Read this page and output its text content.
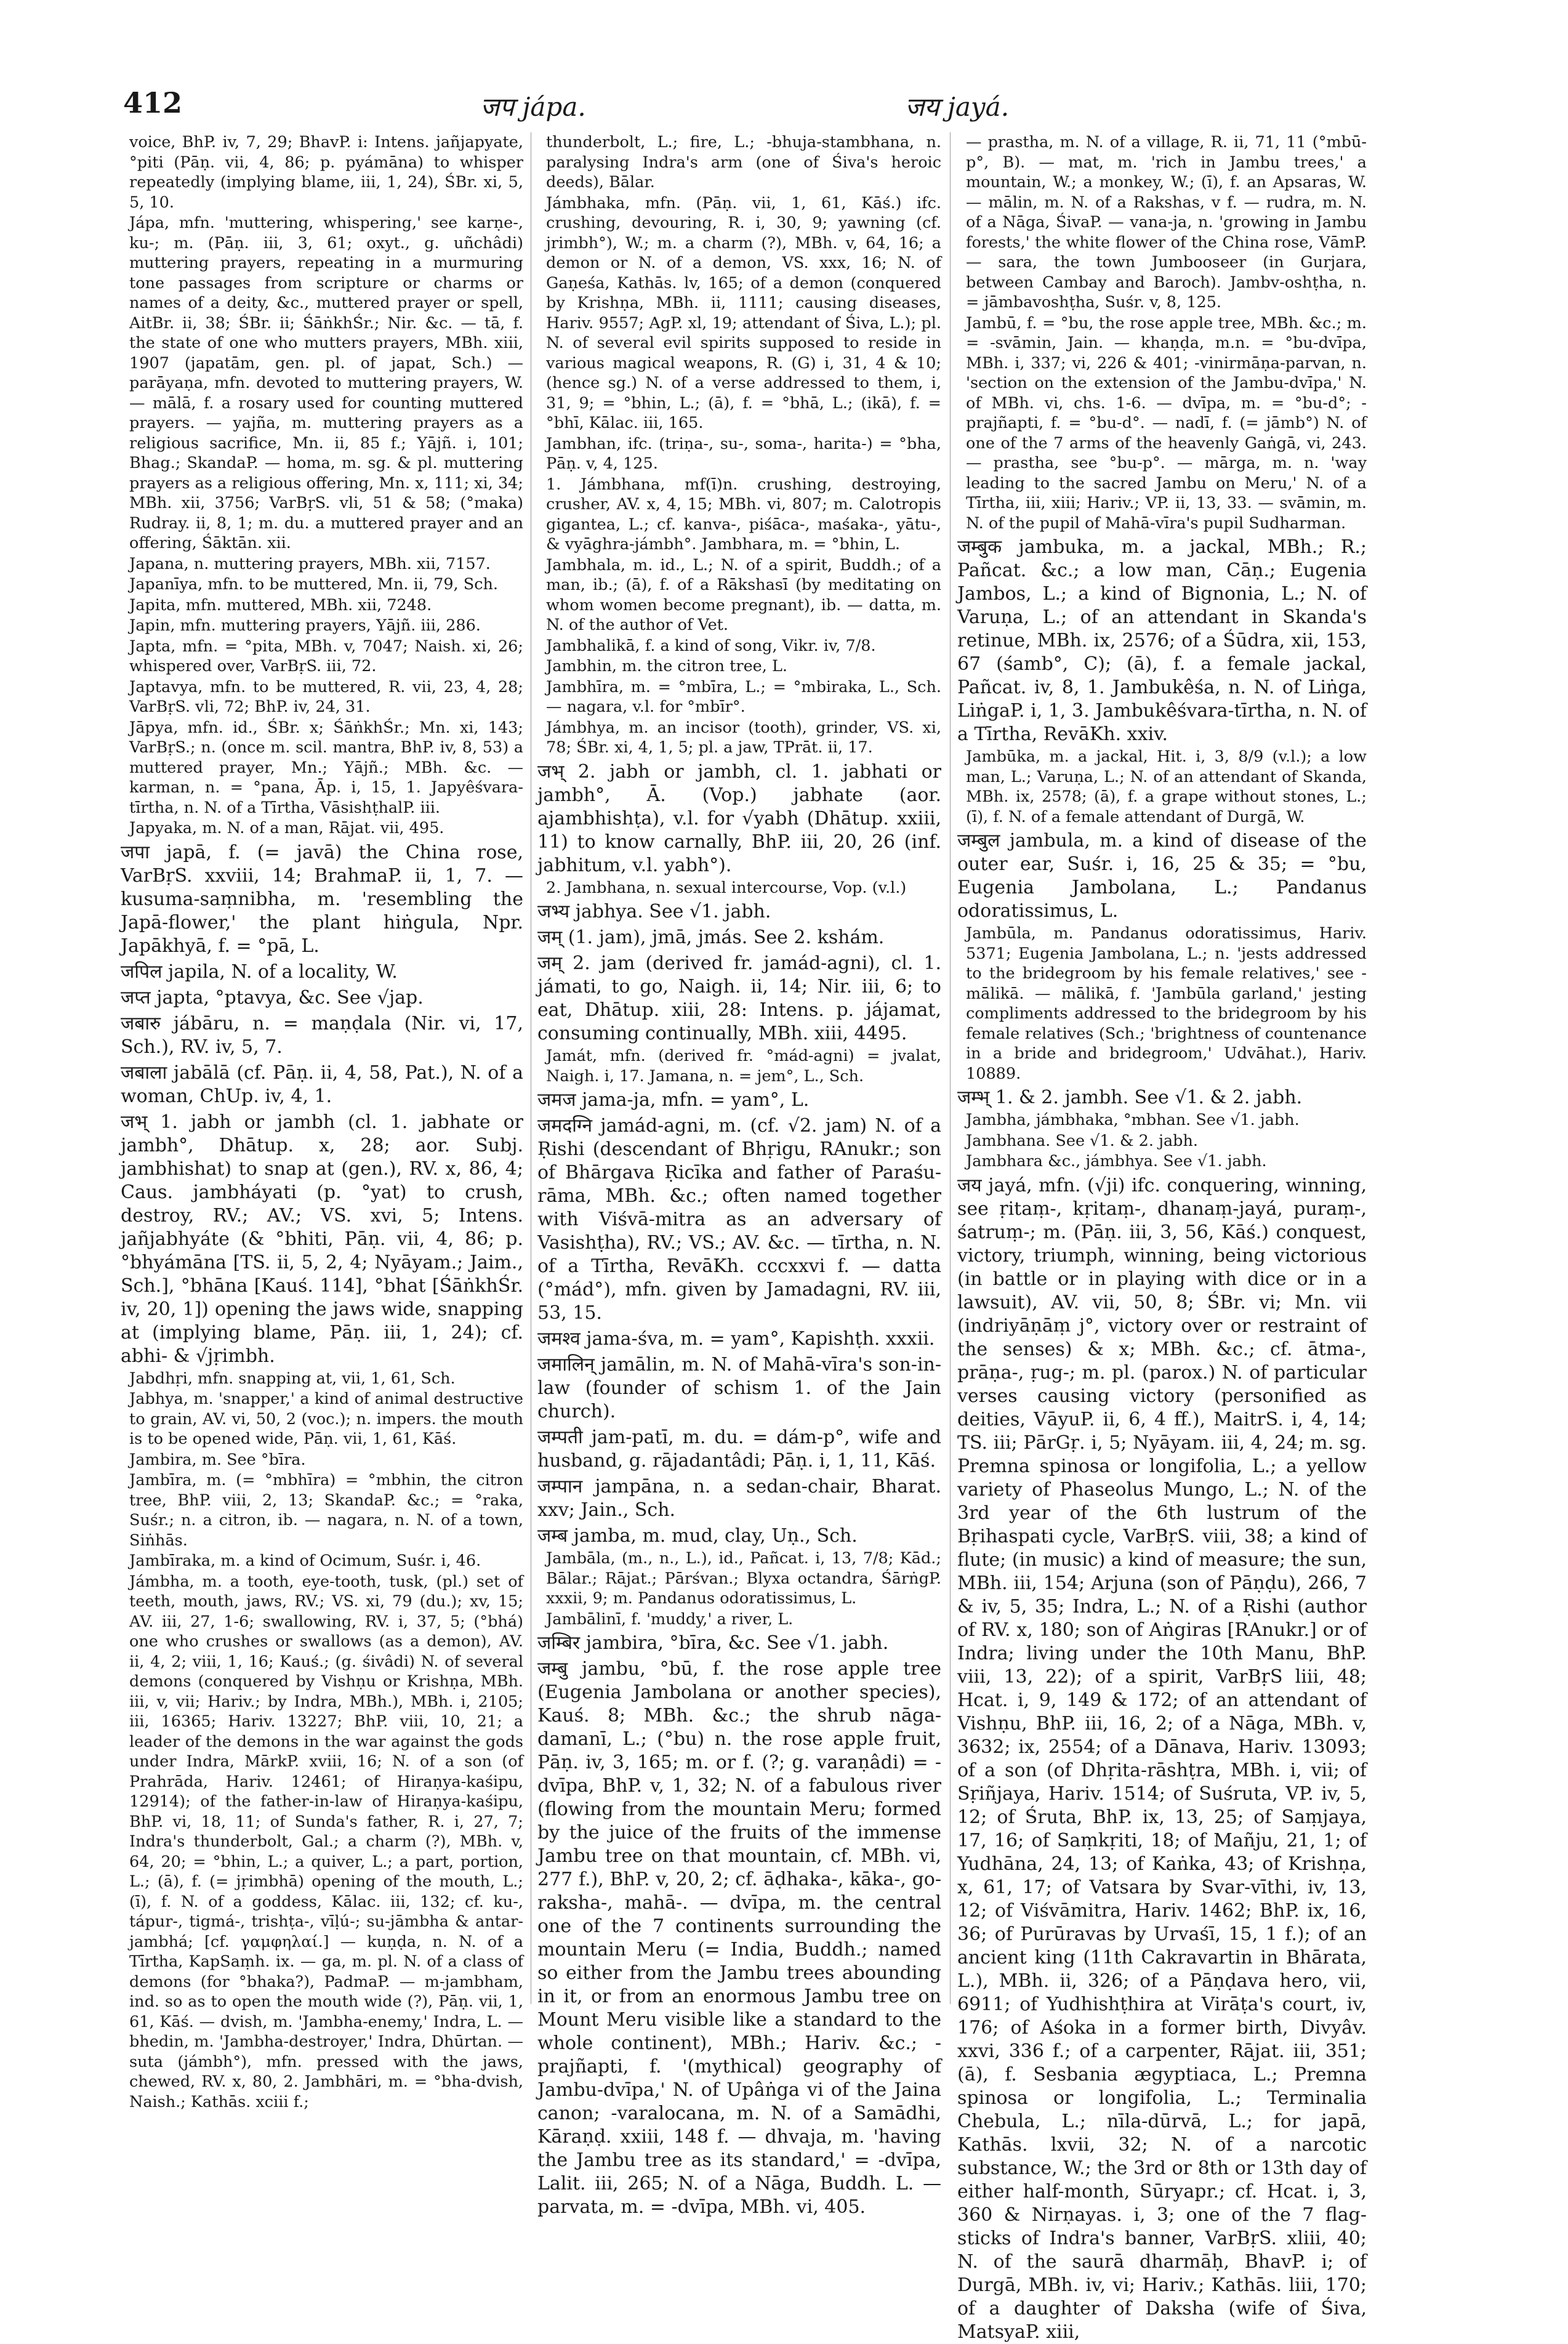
412	जप jápa.	जय jayá.

voice, BhP. iv, 7, 29; BhavP. i: Intens. jañjapyate, °piti (Pāṇ. vii, 4, 86; p. pyámāna) to whisper repeatedly (implying blame, iii, 1, 24), ŚBr. xi, 5, 5, 10.

Jápa, mfn. 'muttering, whispering,' see karṇe-, ku-; m. (Pāṇ. iii, 3, 61; oxyt., g. uñchâdi) muttering prayers, repeating in a murmuring tone passages from scripture or charms or names of a deity, &c., muttered prayer or spell, AitBr. ii, 38; ŚBr. ii; ŚāṅkhŚr.; Nir. &c. — tā, f. the state of one who mutters prayers, MBh. xiii, 1907 (japatām, gen. pl. of japat, Sch.) — parāyaṇa, mfn. devoted to muttering prayers, W. — mālā, f. a rosary used for counting muttered prayers. — yajña, m. muttering prayers as a religious sacrifice, Mn. ii, 85 f.; Yājñ. i, 101; Bhag.; SkandaP. — homa, m. sg. & pl. muttering prayers as a religious offering, Mn. x, 111; xi, 34; MBh. xii, 3756; VarBṛS. vli, 51 & 58; (°maka) Rudray. ii, 8, 1; m. du. a muttered prayer and an offering, Śāktān. xii.

Japana, n. muttering prayers, MBh. xii, 7157.

Japanīya, mfn. to be muttered, Mn. ii, 79, Sch.

Japita, mfn. muttered, MBh. xii, 7248.

Japin, mfn. muttering prayers, Yājñ. iii, 286.

Japta, mfn. = °pita, MBh. v, 7047; Naish. xi, 26; whispered over, VarBṛS. iii, 72.

Japtavya, mfn. to be muttered, R. vii, 23, 4, 28; VarBṛS. vli, 72; BhP. iv, 24, 31.

Jāpya, mfn. id., ŚBr. x; ŚāṅkhŚr.; Mn. xi, 143; VarBṛS.; n. (once m. scil. mantra, BhP. iv, 8, 53) a muttered prayer, Mn.; Yājñ.; MBh. &c. — karman, n. = °pana, Āp. i, 15, 1. Japyêśvara-tīrtha, n. N. of a Tīrtha, VāsishṭhalP. iii.

Japyaka, m. N. of a man, Rājat. vii, 495.

जपा japā, f. (= javā) the China rose, VarBṛS. xxviii, 14; BrahmaP. ii, 1, 7. — kusuma-saṃnibha, m. 'resembling the Japā-flower,' the plant hiṅgula, Npr. Japākhyā, f. = °pā, L.

जपिल japila, N. of a locality, W.

जप्त japta, °ptavya, &c. See √jap.

जबारु jábāru, n. = maṇḍala (Nir. vi, 17, Sch.), RV. iv, 5, 7.

जबाला jabālā (cf. Pāṇ. ii, 4, 58, Pat.), N. of a woman, ChUp. iv, 4, 1.

जभ् 1. jabh or jambh (cl. 1. jabhate or jambh°, Dhātup. x, 28; aor. Subj. jambhishat) to snap at (gen.), RV. x, 86, 4; Caus. jambháyati (p. °yat) to crush, destroy, RV.; AV.; VS. xvi, 5; Intens. jañjabhyáte (& °bhiti, Pāṇ. vii, 4, 86; p. °bhyámāna [TS. ii, 5, 2, 4; Nyāyam.; Jaim., Sch.], °bhāna [Kauś. 114], °bhat [ŚāṅkhŚr. iv, 20, 1]) opening the jaws wide, snapping at (implying blame, Pāṇ. iii, 1, 24); cf. abhi- & √jṛimbh.

Jabdhṛi, mfn. snapping at, vii, 1, 61, Sch.

Jabhya, m. 'snapper,' a kind of animal destructive to grain, AV. vi, 50, 2 (voc.); n. impers. the mouth is to be opened wide, Pāṇ. vii, 1, 61, Kāś.

Jambira, m. See °bīra.

Jambīra, m. (= °mbhīra) = °mbhin, the citron tree, BhP. viii, 2, 13; SkandaP. &c.; = °raka, Suśr.; n. a citron, ib. — nagara, n. N. of a town, Siṅhās.

Jambīraka, m. a kind of Ocimum, Suśr. i, 46.

Jámbha, m. a tooth, eye-tooth, tusk, (pl.) set of teeth, mouth, jaws, RV.; VS. xi, 79 (du.); xv, 15; AV. iii, 27, 1-6; swallowing, RV. i, 37, 5; (°bhá) one who crushes or swallows (as a demon), AV. ii, 4, 2; viii, 1, 16; Kauś.; (g. śivâdi) N. of several demons (conquered by Vishṇu or Krishṇa, MBh. iii, v, vii; Hariv.; by Indra, MBh.), MBh. i, 2105; iii, 16365; Hariv. 13227; BhP. viii, 10, 21; a leader of the demons in the war against the gods under Indra, MārkP. xviii, 16; N. of a son (of Prahrāda, Hariv. 12461; of Hiraṇya-kaśipu, 12914); of the father-in-law of Hiraṇya-kaśipu, BhP. vi, 18, 11; of Sunda's father, R. i, 27, 7; Indra's thunderbolt, Gal.; a charm (?), MBh. v, 64, 20; = °bhin, L.; a quiver, L.; a part, portion, L.; (ā), f. (= jṛimbhā) opening of the mouth, L.; (ī), f. N. of a goddess, Kālac. iii, 132; cf. ku-, tápur-, tigmá-, trishṭa-, vīḷú-; su-jāmbha & antar-jambhá; [cf. γαμφηλαί.] — kuṇḍa, n. N. of a Tīrtha, KapSaṃh. ix. — ga, m. pl. N. of a class of demons (for °bhaka?), PadmaP. — m-jambham, ind. so as to open the mouth wide (?), Pāṇ. vii, 1, 61, Kāś. — dvish, m. 'Jambha-enemy,' Indra, L. — bhedin, m. 'Jambha-destroyer,' Indra, Dhūrtan. — suta (jámbh°), mfn. pressed with the jaws, chewed, RV. x, 80, 2. Jambhāri, m. = °bha-dvish, Naish.; Kathās. xciii f.;

thunderbolt, L.; fire, L.; -bhuja-stambhana, n. paralysing Indra's arm (one of Śiva's heroic deeds), Bālar.

Jámbhaka, mfn. (Pāṇ. vii, 1, 61, Kāś.) ifc. crushing, devouring, R. i, 30, 9; yawning (cf. jrimbh°), W.; m. a charm (?), MBh. v, 64, 16; a demon or N. of a demon, VS. xxx, 16; N. of Gaṇeśa, Kathās. lv, 165; of a demon (conquered by Krishṇa, MBh. ii, 1111; causing diseases, Hariv. 9557; AgP. xl, 19; attendant of Śiva, L.); pl. N. of several evil spirits supposed to reside in various magical weapons, R. (G) i, 31, 4 & 10; (hence sg.) N. of a verse addressed to them, i, 31, 9; = °bhin, L.; (ā), f. = °bhā, L.; (ikā), f. = °bhī, Kālac. iii, 165.

Jambhan, ifc. (triṇa-, su-, soma-, harita-) = °bha, Pāṇ. v, 4, 125.

1. Jámbhana, mf(ī)n. crushing, destroying, crusher, AV. x, 4, 15; MBh. vi, 807; m. Calotropis gigantea, L.; cf. kanva-, piśāca-, maśaka-, yātu-, & vyāghra-jámbh°. Jambhara, m. = °bhin, L.

Jambhala, m. id., L.; N. of a spirit, Buddh.; of a man, ib.; (ā), f. of a Rākshasī (by meditating on whom women become pregnant), ib. — datta, m. N. of the author of Vet.

Jambhalikā, f. a kind of song, Vikr. iv, 7/8.

Jambhin, m. the citron tree, L.

Jambhīra, m. = °mbīra, L.; = °mbiraka, L., Sch. — nagara, v.l. for °mbīr°.

Jámbhya, m. an incisor (tooth), grinder, VS. xi, 78; ŚBr. xi, 4, 1, 5; pl. a jaw, TPrāt. ii, 17.

जभ् 2. jabh or jambh, cl. 1. jabhati or jambh°, Ā. (Vop.) jabhate (aor. ajambhishṭa), v.l. for √yabh (Dhātup. xxiii, 11) to know carnally, BhP. iii, 20, 26 (inf. jabhitum, v.l. yabh°).

2. Jambhana, n. sexual intercourse, Vop. (v.l.)

जभ्य jabhya. See √1. jabh.

जम् (1. jam), jmā, jmás. See 2. kshám.

जम् 2. jam (derived fr. jamád-agni), cl. 1. jámati, to go, Naigh. ii, 14; Nir. iii, 6; to eat, Dhātup. xiii, 28: Intens. p. jájamat, consuming continually, MBh. xiii, 4495.

Jamát, mfn. (derived fr. °mád-agni) = jvalat, Naigh. i, 17. Jamana, n. = jem°, L., Sch.

जमज jama-ja, mfn. = yam°, L.

जमदग्नि jamád-agni, m. (cf. √2. jam) N. of a Ṛishi (descendant of Bhṛigu, RAnukr.; son of Bhārgava Ṛicīka and father of Paraśu-rāma, MBh. &c.; often named together with Viśvā-mitra as an adversary of Vasishṭha), RV.; VS.; AV. &c. — tīrtha, n. N. of a Tīrtha, RevāKh. cccxxvi f. — datta (°mád°), mfn. given by Jamadagni, RV. iii, 53, 15.

जमश्व jama-śva, m. = yam°, Kapishṭh. xxxii.

जमालिन् jamālin, m. N. of Mahā-vīra's son-in-law (founder of schism 1. of the Jain church).

जम्पती jam-patī, m. du. = dám-p°, wife and husband, g. rājadantâdi; Pāṇ. i, 1, 11, Kāś.

जम्पान jampāna, n. a sedan-chair, Bharat. xxv; Jain., Sch.

जम्ब jamba, m. mud, clay, Uṇ., Sch.

Jambāla, (m., n., L.), id., Pañcat. i, 13, 7/8; Kād.; Bālar.; Rājat.; Pārśvan.; Blyxa octandra, ŚārṅgP. xxxii, 9; m. Pandanus odoratissimus, L.

Jambālinī, f. 'muddy,' a river, L.

जम्बिर jambira, °bīra, &c. See √1. jabh.

जम्बु jambu, °bū, f. the rose apple tree (Eugenia Jambolana or another species), Kauś. 8; MBh. &c.; the shrub nāga-damanī, L.; (°bu) n. the rose apple fruit, Pāṇ. iv, 3, 165; m. or f. (?; g. varaṇâdi) = -dvīpa, BhP. v, 1, 32; N. of a fabulous river (flowing from the mountain Meru; formed by the juice of the fruits of the immense Jambu tree on that mountain, cf. MBh. vi, 277 f.), BhP. v, 20, 2; cf. āḍhaka-, kāka-, go-raksha-, mahā-. — dvīpa, m. the central one of the 7 continents surrounding the mountain Meru (= India, Buddh.; named so either from the Jambu trees abounding in it, or from an enormous Jambu tree on Mount Meru visible like a standard to the whole continent), MBh.; Hariv. &c.; -prajñapti, f. '(mythical) geography of Jambu-dvīpa,' N. of Upâṅga vi of the Jaina canon; -varalocana, m. N. of a Samādhi, Kāraṇḍ. xxiii, 148 f. — dhvaja, m. 'having the Jambu tree as its standard,' = -dvīpa, Lalit. iii, 265; N. of a Nāga, Buddh. L. — parvata, m. = -dvīpa, MBh. vi, 405.

— prastha, m. N. of a village, R. ii, 71, 11 (°mbū-p°, B). — mat, m. 'rich in Jambu trees,' a mountain, W.; a monkey, W.; (ī), f. an Apsaras, W. — mālin, m. N. of a Rakshas, v f. — rudra, m. N. of a Nāga, ŚivaP. — vana-ja, n. 'growing in Jambu forests,' the white flower of the China rose, VāmP. — sara, the town Jumbooseer (in Gurjara, between Cambay and Baroch). Jambv-oshṭha, n. = jāmbavoshṭha, Suśr. v, 8, 125.

Jambū, f. = °bu, the rose apple tree, MBh. &c.; m. = -svāmin, Jain. — khaṇḍa, m.n. = °bu-dvīpa, MBh. i, 337; vi, 226 & 401; -vinirmāṇa-parvan, n. 'section on the extension of the Jambu-dvīpa,' N. of MBh. vi, chs. 1-6. — dvīpa, m. = °bu-d°; -prajñapti, f. = °bu-d°. — nadī, f. (= jāmb°) N. of one of the 7 arms of the heavenly Gaṅgā, vi, 243. — prastha, see °bu-p°. — mārga, m. n. 'way leading to the sacred Jambu on Meru,' N. of a Tīrtha, iii, xiii; Hariv.; VP. ii, 13, 33. — svāmin, m. N. of the pupil of Mahā-vīra's pupil Sudharman.

जम्बुक jambuka, m. a jackal, MBh.; R.; Pañcat. &c.; a low man, Cāṇ.; Eugenia Jambos, L.; a kind of Bignonia, L.; N. of Varuṇa, L.; of an attendant in Skanda's retinue, MBh. ix, 2576; of a Śūdra, xii, 153, 67 (śamb°, C); (ā), f. a female jackal, Pañcat. iv, 8, 1. Jambukêśa, n. N. of Liṅga, LiṅgaP. i, 1, 3. Jambukêśvara-tīrtha, n. N. of a Tīrtha, RevāKh. xxiv.

Jambūka, m. a jackal, Hit. i, 3, 8/9 (v.l.); a low man, L.; Varuṇa, L.; N. of an attendant of Skanda, MBh. ix, 2578; (ā), f. a grape without stones, L.; (ī), f. N. of a female attendant of Durgā, W.

जम्बुल jambula, m. a kind of disease of the outer ear, Suśr. i, 16, 25 & 35; = °bu, Eugenia Jambolana, L.; Pandanus odoratissimus, L.

Jambūla, m. Pandanus odoratissimus, Hariv. 5371; Eugenia Jambolana, L.; n. 'jests addressed to the bridegroom by his female relatives,' see -mālikā. — mālikā, f. 'Jambūla garland,' jesting compliments addressed to the bridegroom by his female relatives (Sch.; 'brightness of countenance in a bride and bridegroom,' Udvāhat.), Hariv. 10889.

जम्भ् 1. & 2. jambh. See √1. & 2. jabh.

Jambha, jámbhaka, °mbhan. See √1. jabh.

Jambhana. See √1. & 2. jabh.

Jambhara &c., jámbhya. See √1. jabh.

जय jayá, mfn. (√ji) ifc. conquering, winning, see ṛitaṃ-, kṛitaṃ-, dhanaṃ-jayá, puraṃ-, śatruṃ-; m. (Pāṇ. iii, 3, 56, Kāś.) conquest, victory, triumph, winning, being victorious (in battle or in playing with dice or in a lawsuit), AV. vii, 50, 8; ŚBr. vi; Mn. vii (indriyāṇāṃ j°, victory over or restraint of the senses) & x; MBh. &c.; cf. ātma-, prāṇa-, ṛug-; m. pl. (parox.) N. of particular verses causing victory (personified as deities, VāyuP. ii, 6, 4 ff.), MaitrS. i, 4, 14; TS. iii; PārGṛ. i, 5; Nyāyam. iii, 4, 24; m. sg. Premna spinosa or longifolia, L.; a yellow variety of Phaseolus Mungo, L.; N. of the 3rd year of the 6th lustrum of the Bṛihaspati cycle, VarBṛS. viii, 38; a kind of flute; (in music) a kind of measure; the sun, MBh. iii, 154; Arjuna (son of Pāṇḍu), 266, 7 & iv, 5, 35; Indra, L.; N. of a Ṛishi (author of RV. x, 180; son of Aṅgiras [RAnukr.] or of Indra; living under the 10th Manu, BhP. viii, 13, 22); of a spirit, VarBṛS liii, 48; Hcat. i, 9, 149 & 172; of an attendant of Vishṇu, BhP. iii, 16, 2; of a Nāga, MBh. v, 3632; ix, 2554; of a Dānava, Hariv. 13093; of a son (of Dhṛita-rāshṭra, MBh. i, vii; of Sṛiñjaya, Hariv. 1514; of Suśruta, VP. iv, 5, 12; of Śruta, BhP. ix, 13, 25; of Saṃjaya, 17, 16; of Saṃkṛiti, 18; of Mañju, 21, 1; of Yudhāna, 24, 13; of Kaṅka, 43; of Krishṇa, x, 61, 17; of Vatsara by Svar-vīthi, iv, 13, 12; of Viśvāmitra, Hariv. 1462; BhP. ix, 16, 36; of Purūravas by Urvaśī, 15, 1 f.); of an ancient king (11th Cakravartin in Bhārata, L.), MBh. ii, 326; of a Pāṇḍava hero, vii, 6911; of Yudhishṭhira at Virāṭa's court, iv, 176; of Aśoka in a former birth, Divyâv. xxvi, 336 f.; of a carpenter, Rājat. iii, 351; (ā), f. Sesbania ægyptiaca, L.; Premna spinosa or longifolia, L.; Terminalia Chebula, L.; nīla-dūrvā, L.; for japā, Kathās. lxvii, 32; N. of a narcotic substance, W.; the 3rd or 8th or 13th day of either half-month, Sūryapr.; cf. Hcat. i, 3, 360 & Nirṇayas. i, 3; one of the 7 flag-sticks of Indra's banner, VarBṛS. xliii, 40; N. of the saurā dharmāḥ, BhavP. i; of Durgā, MBh. iv, vi; Hariv.; Kathās. liii, 170; of a daughter of Daksha (wife of Śiva, MatsyaP. xiii,
